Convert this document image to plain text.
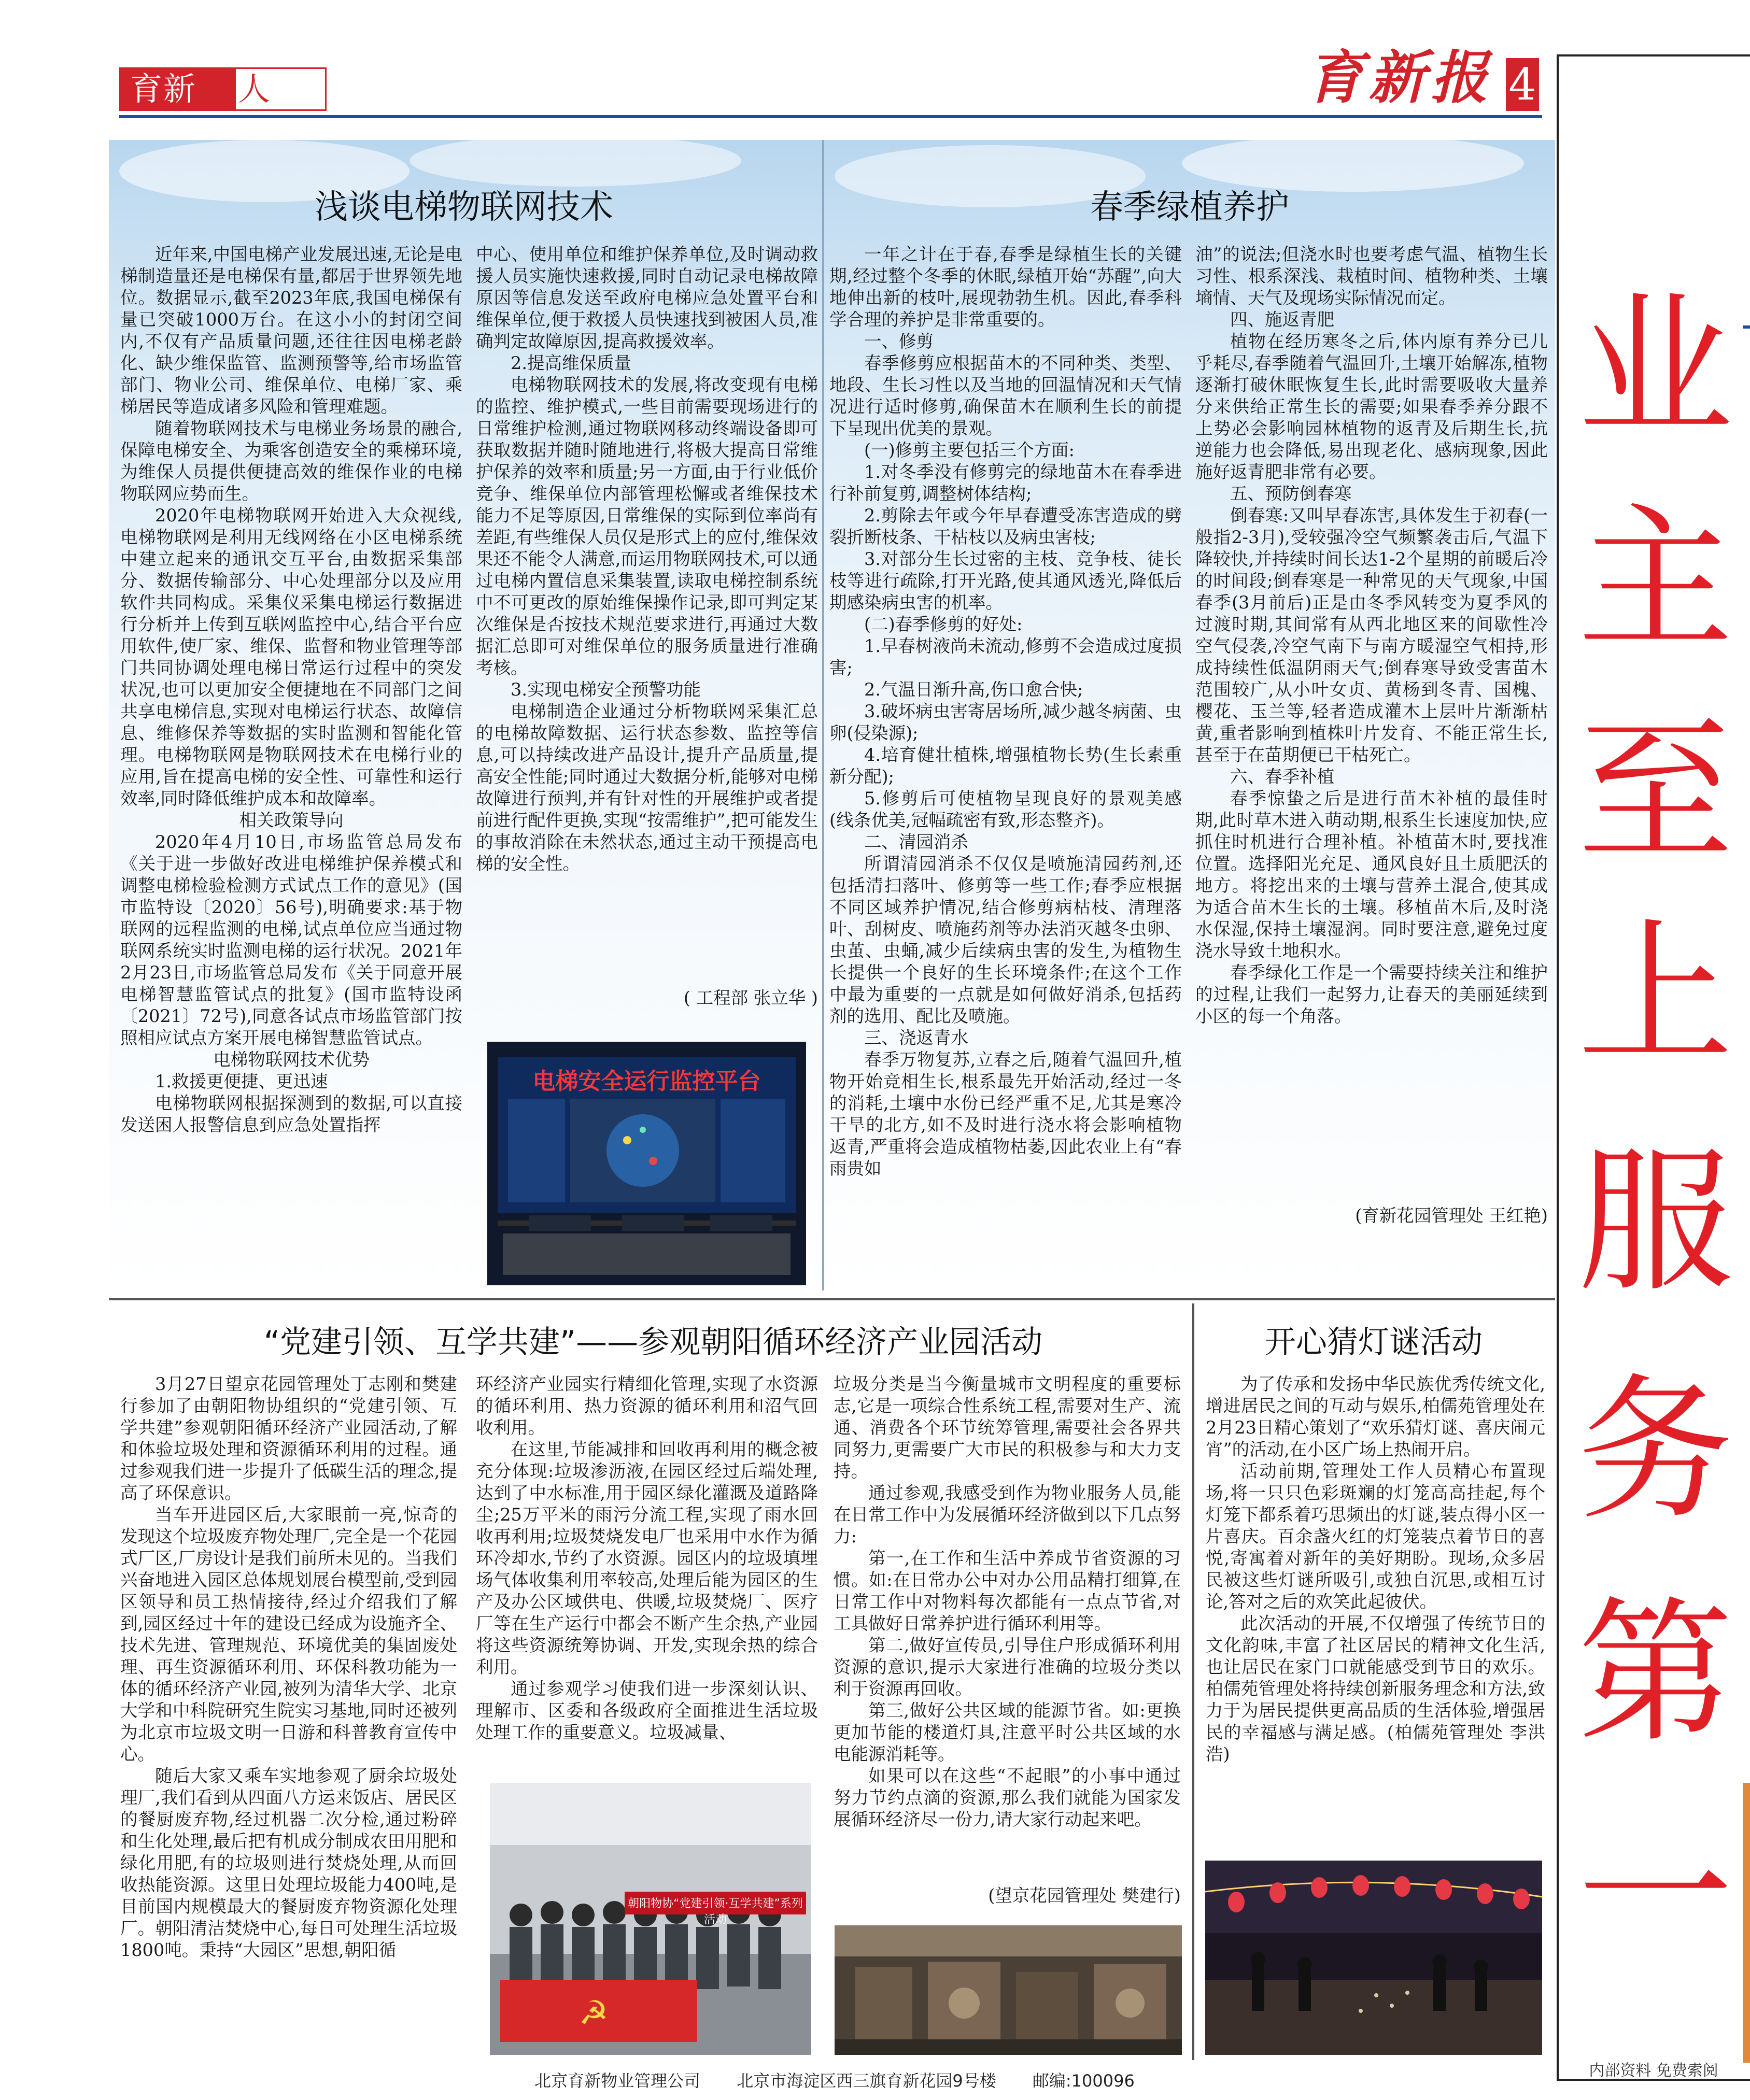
育新	人	育新报 4
业
主
至
上
服
务
第
一
内部资料 免费索阅
浅谈电梯物联网技术

近年来,中国电梯产业发展迅速,无论是电梯制造量还是电梯保有量,都居于世界领先地位。数据显示,截至2023年底,我国电梯保有量已突破1000万台。在这小小的封闭空间内,不仅有产品质量问题,还往往因电梯老龄化、缺少维保监管、监测预警等,给市场监管部门、物业公司、维保单位、电梯厂家、乘梯居民等造成诸多风险和管理难题。

随着物联网技术与电梯业务场景的融合,保障电梯安全、为乘客创造安全的乘梯环境,为维保人员提供便捷高效的维保作业的电梯物联网应势而生。

2020年电梯物联网开始进入大众视线,电梯物联网是利用无线网络在小区电梯系统中建立起来的通讯交互平台,由数据采集部分、数据传输部分、中心处理部分以及应用软件共同构成。采集仪采集电梯运行数据进行分析并上传到互联网监控中心,结合平台应用软件,使厂家、维保、监督和物业管理等部门共同协调处理电梯日常运行过程中的突发状况,也可以更加安全便捷地在不同部门之间共享电梯信息,实现对电梯运行状态、故障信息、维修保养等数据的实时监测和智能化管理。电梯物联网是物联网技术在电梯行业的应用,旨在提高电梯的安全性、可靠性和运行效率,同时降低维护成本和故障率。

相关政策导向

2020年4月10日,市场监管总局发布《关于进一步做好改进电梯维护保养模式和调整电梯检验检测方式试点工作的意见》(国市监特设〔2020〕56号),明确要求:基于物联网的远程监测的电梯,试点单位应当通过物联网系统实时监测电梯的运行状况。2021年2月23日,市场监管总局发布《关于同意开展电梯智慧监管试点的批复》(国市监特设函〔2021〕72号),同意各试点市场监管部门按照相应试点方案开展电梯智慧监管试点。

电梯物联网技术优势

1.救援更便捷、更迅速

电梯物联网根据探测到的数据,可以直接发送困人报警信息到应急处置指挥

中心、使用单位和维护保养单位,及时调动救援人员实施快速救援,同时自动记录电梯故障原因等信息发送至政府电梯应急处置平台和维保单位,便于救援人员快速找到被困人员,准确判定故障原因,提高救援效率。

2.提高维保质量

电梯物联网技术的发展,将改变现有电梯的监控、维护模式,一些目前需要现场进行的日常维护检测,通过物联网移动终端设备即可获取数据并随时随地进行,将极大提高日常维护保养的效率和质量;另一方面,由于行业低价竞争、维保单位内部管理松懈或者维保技术能力不足等原因,日常维保的实际到位率尚有差距,有些维保人员仅是形式上的应付,维保效果还不能令人满意,而运用物联网技术,可以通过电梯内置信息采集装置,读取电梯控制系统中不可更改的原始维保操作记录,即可判定某次维保是否按技术规范要求进行,再通过大数据汇总即可对维保单位的服务质量进行准确考核。

3.实现电梯安全预警功能

电梯制造企业通过分析物联网采集汇总的电梯故障数据、运行状态参数、监控等信息,可以持续改进产品设计,提升产品质量,提高安全性能;同时通过大数据分析,能够对电梯故障进行预判,并有针对性的开展维护或者提前进行配件更换,实现“按需维护”,把可能发生的事故消除在未然状态,通过主动干预提高电梯的安全性。

( 工程部 张立华 )

电梯安全运行监控平台
春季绿植养护

一年之计在于春,春季是绿植生长的关键期,经过整个冬季的休眠,绿植开始“苏醒”,向大地伸出新的枝叶,展现勃勃生机。因此,春季科学合理的养护是非常重要的。

一、修剪

春季修剪应根据苗木的不同种类、类型、地段、生长习性以及当地的回温情况和天气情况进行适时修剪,确保苗木在顺利生长的前提下呈现出优美的景观。

(一)修剪主要包括三个方面:

1.对冬季没有修剪完的绿地苗木在春季进行补前复剪,调整树体结构;

2.剪除去年或今年早春遭受冻害造成的劈裂折断枝条、干枯枝以及病虫害枝;

3.对部分生长过密的主枝、竞争枝、徒长枝等进行疏除,打开光路,使其通风透光,降低后期感染病虫害的机率。

(二)春季修剪的好处:

1.早春树液尚未流动,修剪不会造成过度损害;

2.气温日渐升高,伤口愈合快;

3.破坏病虫害寄居场所,减少越冬病菌、虫卵(侵染源);

4.培育健壮植株,增强植物长势(生长素重新分配);

5.修剪后可使植物呈现良好的景观美感(线条优美,冠幅疏密有致,形态整齐)。

二、清园消杀

所谓清园消杀不仅仅是喷施清园药剂,还包括清扫落叶、修剪等一些工作;春季应根据不同区域养护情况,结合修剪病枯枝、清理落叶、刮树皮、喷施药剂等办法消灭越冬虫卵、虫茧、虫蛹,减少后续病虫害的发生,为植物生长提供一个良好的生长环境条件;在这个工作中最为重要的一点就是如何做好消杀,包括药剂的选用、配比及喷施。

三、浇返青水

春季万物复苏,立春之后,随着气温回升,植物开始竞相生长,根系最先开始活动,经过一冬的消耗,土壤中水份已经严重不足,尤其是寒冷干旱的北方,如不及时进行浇水将会影响植物返青,严重将会造成植物枯萎,因此农业上有“春雨贵如

油”的说法;但浇水时也要考虑气温、植物生长习性、根系深浅、栽植时间、植物种类、土壤墒情、天气及现场实际情况而定。

四、施返青肥

植物在经历寒冬之后,体内原有养分已几乎耗尽,春季随着气温回升,土壤开始解冻,植物逐渐打破休眠恢复生长,此时需要吸收大量养分来供给正常生长的需要;如果春季养分跟不上势必会影响园林植物的返青及后期生长,抗逆能力也会降低,易出现老化、感病现象,因此施好返青肥非常有必要。

五、预防倒春寒

倒春寒:又叫早春冻害,具体发生于初春(一般指2-3月),受较强冷空气频繁袭击后,气温下降较快,并持续时间长达1-2个星期的前暖后冷的时间段;倒春寒是一种常见的天气现象,中国春季(3月前后)正是由冬季风转变为夏季风的过渡时期,其间常有从西北地区来的间歇性冷空气侵袭,冷空气南下与南方暖湿空气相持,形成持续性低温阴雨天气;倒春寒导致受害苗木范围较广,从小叶女贞、黄杨到冬青、国槐、樱花、玉兰等,轻者造成灌木上层叶片渐渐枯黄,重者影响到植株叶片发育、不能正常生长,甚至于在苗期便已干枯死亡。

六、春季补植

春季惊蛰之后是进行苗木补植的最佳时期,此时草木进入萌动期,根系生长速度加快,应抓住时机进行合理补植。补植苗木时,要找准位置。选择阳光充足、通风良好且土质肥沃的地方。将挖出来的土壤与营养土混合,使其成为适合苗木生长的土壤。移植苗木后,及时浇水保湿,保持土壤湿润。同时要注意,避免过度浇水导致土地积水。

春季绿化工作是一个需要持续关注和维护的过程,让我们一起努力,让春天的美丽延续到小区的每一个角落。

(育新花园管理处 王红艳)

“党建引领、互学共建”——参观朝阳循环经济产业园活动

3月27日望京花园管理处丁志刚和樊建行参加了由朝阳物协组织的“党建引领、互学共建”参观朝阳循环经济产业园活动,了解和体验垃圾处理和资源循环利用的过程。通过参观我们进一步提升了低碳生活的理念,提高了环保意识。

当车开进园区后,大家眼前一亮,惊奇的发现这个垃圾废弃物处理厂,完全是一个花园式厂区,厂房设计是我们前所未见的。当我们兴奋地进入园区总体规划展台模型前,受到园区领导和员工热情接待,经过介绍我们了解到,园区经过十年的建设已经成为设施齐全、技术先进、管理规范、环境优美的集固废处理、再生资源循环利用、环保科教功能为一体的循环经济产业园,被列为清华大学、北京大学和中科院研究生院实习基地,同时还被列为北京市垃圾文明一日游和科普教育宣传中心。

随后大家又乘车实地参观了厨余垃圾处理厂,我们看到从四面八方运来饭店、居民区的餐厨废弃物,经过机器二次分检,通过粉碎和生化处理,最后把有机成分制成农田用肥和绿化用肥,有的垃圾则进行焚烧处理,从而回收热能资源。这里日处理垃圾能力400吨,是目前国内规模最大的餐厨废弃物资源化处理厂。朝阳清洁焚烧中心,每日可处理生活垃圾1800吨。秉持“大园区”思想,朝阳循

环经济产业园实行精细化管理,实现了水资源的循环利用、热力资源的循环利用和沼气回收利用。

在这里,节能减排和回收再利用的概念被充分体现:垃圾渗沥液,在园区经过后端处理,达到了中水标准,用于园区绿化灌溉及道路降尘;25万平米的雨污分流工程,实现了雨水回收再利用;垃圾焚烧发电厂也采用中水作为循环冷却水,节约了水资源。园区内的垃圾填埋场气体收集利用率较高,处理后能为园区的生产及办公区域供电、供暖,垃圾焚烧厂、医疗厂等在生产运行中都会不断产生余热,产业园将这些资源统筹协调、开发,实现余热的综合利用。

通过参观学习使我们进一步深刻认识、理解市、区委和各级政府全面推进生活垃圾处理工作的重要意义。垃圾减量、

垃圾分类是当今衡量城市文明程度的重要标志,它是一项综合性系统工程,需要对生产、流通、消费各个环节统筹管理,需要社会各界共同努力,更需要广大市民的积极参与和大力支持。

通过参观,我感受到作为物业服务人员,能在日常工作中为发展循环经济做到以下几点努力:

第一,在工作和生活中养成节省资源的习惯。如:在日常办公中对办公用品精打细算,在日常工作中对物料每次都能有一点点节省,对工具做好日常养护进行循环利用等。

第二,做好宣传员,引导住户形成循环利用资源的意识,提示大家进行准确的垃圾分类以利于资源再回收。

第三,做好公共区域的能源节省。如:更换更加节能的楼道灯具,注意平时公共区域的水电能源消耗等。

如果可以在这些“不起眼”的小事中通过努力节约点滴的资源,那么我们就能为国家发展循环经济尽一份力,请大家行动起来吧。

(望京花园管理处 樊建行)

朝阳物协“党建引领·互学共建”系列活动
☭
开心猜灯谜活动

为了传承和发扬中华民族优秀传统文化,增进居民之间的互动与娱乐,柏儒苑管理处在2月23日精心策划了“欢乐猜灯谜、喜庆闹元宵”的活动,在小区广场上热闹开启。

活动前期,管理处工作人员精心布置现场,将一只只色彩斑斓的灯笼高高挂起,每个灯笼下都系着巧思频出的灯谜,装点得小区一片喜庆。百余盏火红的灯笼装点着节日的喜悦,寄寓着对新年的美好期盼。现场,众多居民被这些灯谜所吸引,或独自沉思,或相互讨论,答对之后的欢笑此起彼伏。

此次活动的开展,不仅增强了传统节日的文化韵味,丰富了社区居民的精神文化生活,也让居民在家门口就能感受到节日的欢乐。柏儒苑管理处将持续创新服务理念和方法,致力于为居民提供更高品质的生活体验,增强居民的幸福感与满足感。(柏儒苑管理处 李洪浩)

北京育新物业管理公司 北京市海淀区西三旗育新花园9号楼 邮编:100096
